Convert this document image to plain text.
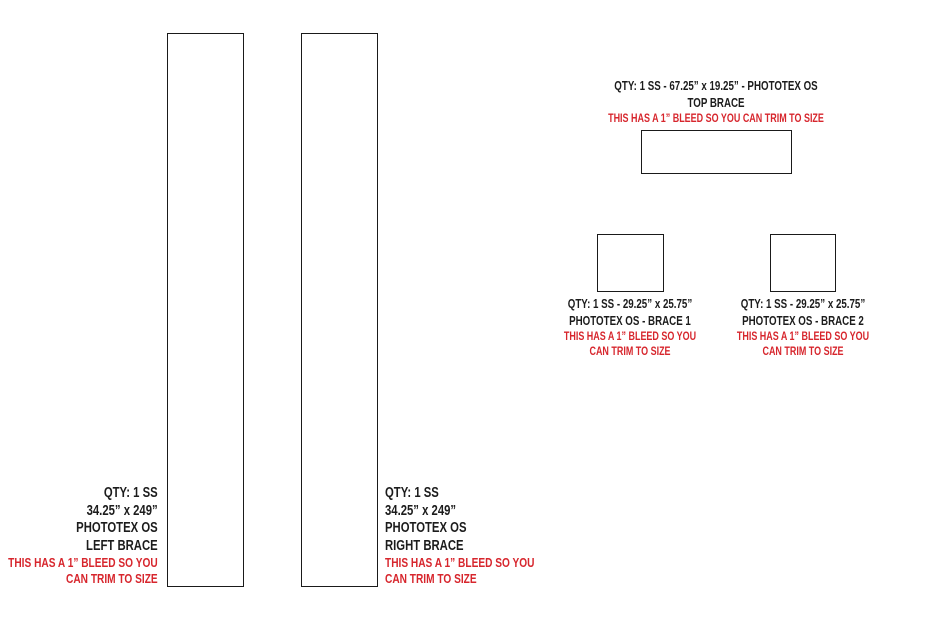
QTY: 1 SS
34.25” x 249”
PHOTOTEX OS
LEFT BRACE
THIS HAS A 1” BLEED SO YOU
CAN TRIM TO SIZE
QTY: 1 SS
34.25” x 249”
PHOTOTEX OS
RIGHT BRACE
THIS HAS A 1” BLEED SO YOU
CAN TRIM TO SIZE
QTY: 1 SS - 67.25” x 19.25” - PHOTOTEX OS
TOP BRACE
THIS HAS A 1” BLEED SO YOU CAN TRIM TO SIZE
QTY: 1 SS - 29.25” x 25.75”
PHOTOTEX OS - BRACE 1
THIS HAS A 1” BLEED SO YOU
CAN TRIM TO SIZE
QTY: 1 SS - 29.25” x 25.75”
PHOTOTEX OS - BRACE 2
THIS HAS A 1” BLEED SO YOU
CAN TRIM TO SIZE
